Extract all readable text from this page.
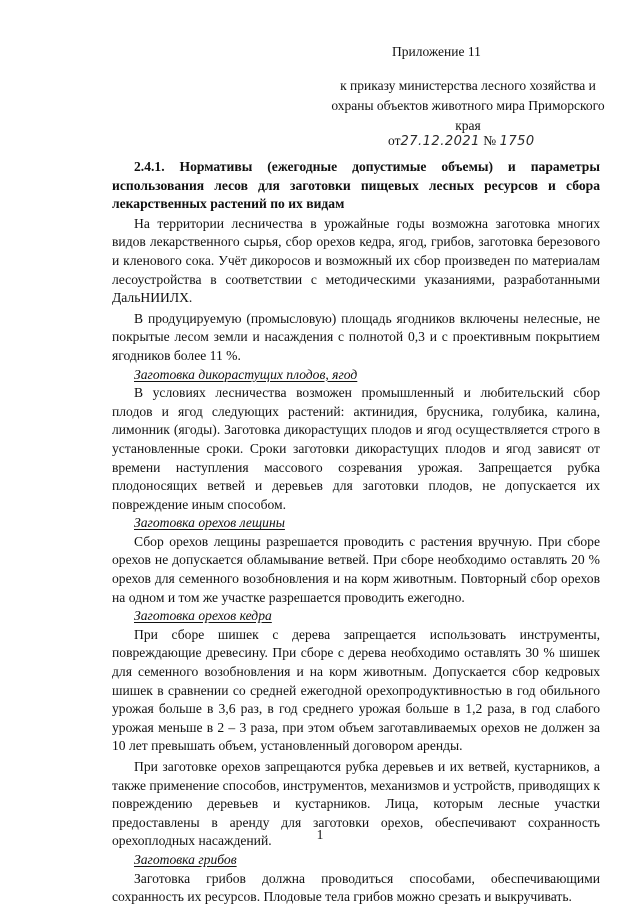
Приложение 11
к приказу министерства лесного хозяйства и охраны объектов животного мира Приморского края
от27.12.2021 № 1750

2.4.1. Нормативы (ежегодные допустимые объемы) и параметры использования лесов для заготовки пищевых лесных ресурсов и сбора лекарственных растений по их видам

На территории лесничества в урожайные годы возможна заготовка многих видов лекарственного сырья, сбор орехов кедра, ягод, грибов, заготовка березового и кленового сока. Учёт дикоросов и возможный их сбор произведен по материалам лесоустройства в соответствии с методическими указаниями, разработанными ДальНИИЛХ.

В продуцируемую (промысловую) площадь ягодников включены нелесные, не покрытые лесом земли и насаждения с полнотой 0,3 и с проективным покрытием ягодников более 11 %.

Заготовка дикорастущих плодов, ягод

В условиях лесничества возможен промышленный и любительский сбор плодов и ягод следующих растений: актинидия, брусника, голубика, калина, лимонник (ягоды). Заготовка дикорастущих плодов и ягод осуществляется строго в установленные сроки. Сроки заготовки дикорастущих плодов и ягод зависят от времени наступления массового созревания урожая. Запрещается рубка плодоносящих ветвей и деревьев для заготовки плодов, не допускается их повреждение иным способом.

Заготовка орехов лещины

Сбор орехов лещины разрешается проводить с растения вручную. При сборе орехов не допускается обламывание ветвей. При сборе необходимо оставлять 20 % орехов для семенного возобновления и на корм животным. Повторный сбор орехов на одном и том же участке разрешается проводить ежегодно.

Заготовка орехов кедра

При сборе шишек с дерева запрещается использовать инструменты, повреждающие древесину. При сборе с дерева необходимо оставлять 30 % шишек для семенного возобновления и на корм животным. Допускается сбор кедровых шишек в сравнении со средней ежегодной орехопродуктивностью в год обильного урожая больше в 3,6 раз, в год среднего урожая больше в 1,2 раза, в год слабого урожая меньше в 2 – 3 раза, при этом объем заготавливаемых орехов не должен за 10 лет превышать объем, установленный договором аренды.

При заготовке орехов запрещаются рубка деревьев и их ветвей, кустарников, а также применение способов, инструментов, механизмов и устройств, приводящих к повреждению деревьев и кустарников. Лица, которым лесные участки предоставлены в аренду для заготовки орехов, обеспечивают сохранность орехоплодных насаждений.

Заготовка грибов

Заготовка грибов должна проводиться способами, обеспечивающими сохранность их ресурсов. Плодовые тела грибов можно срезать и выкручивать.

1
